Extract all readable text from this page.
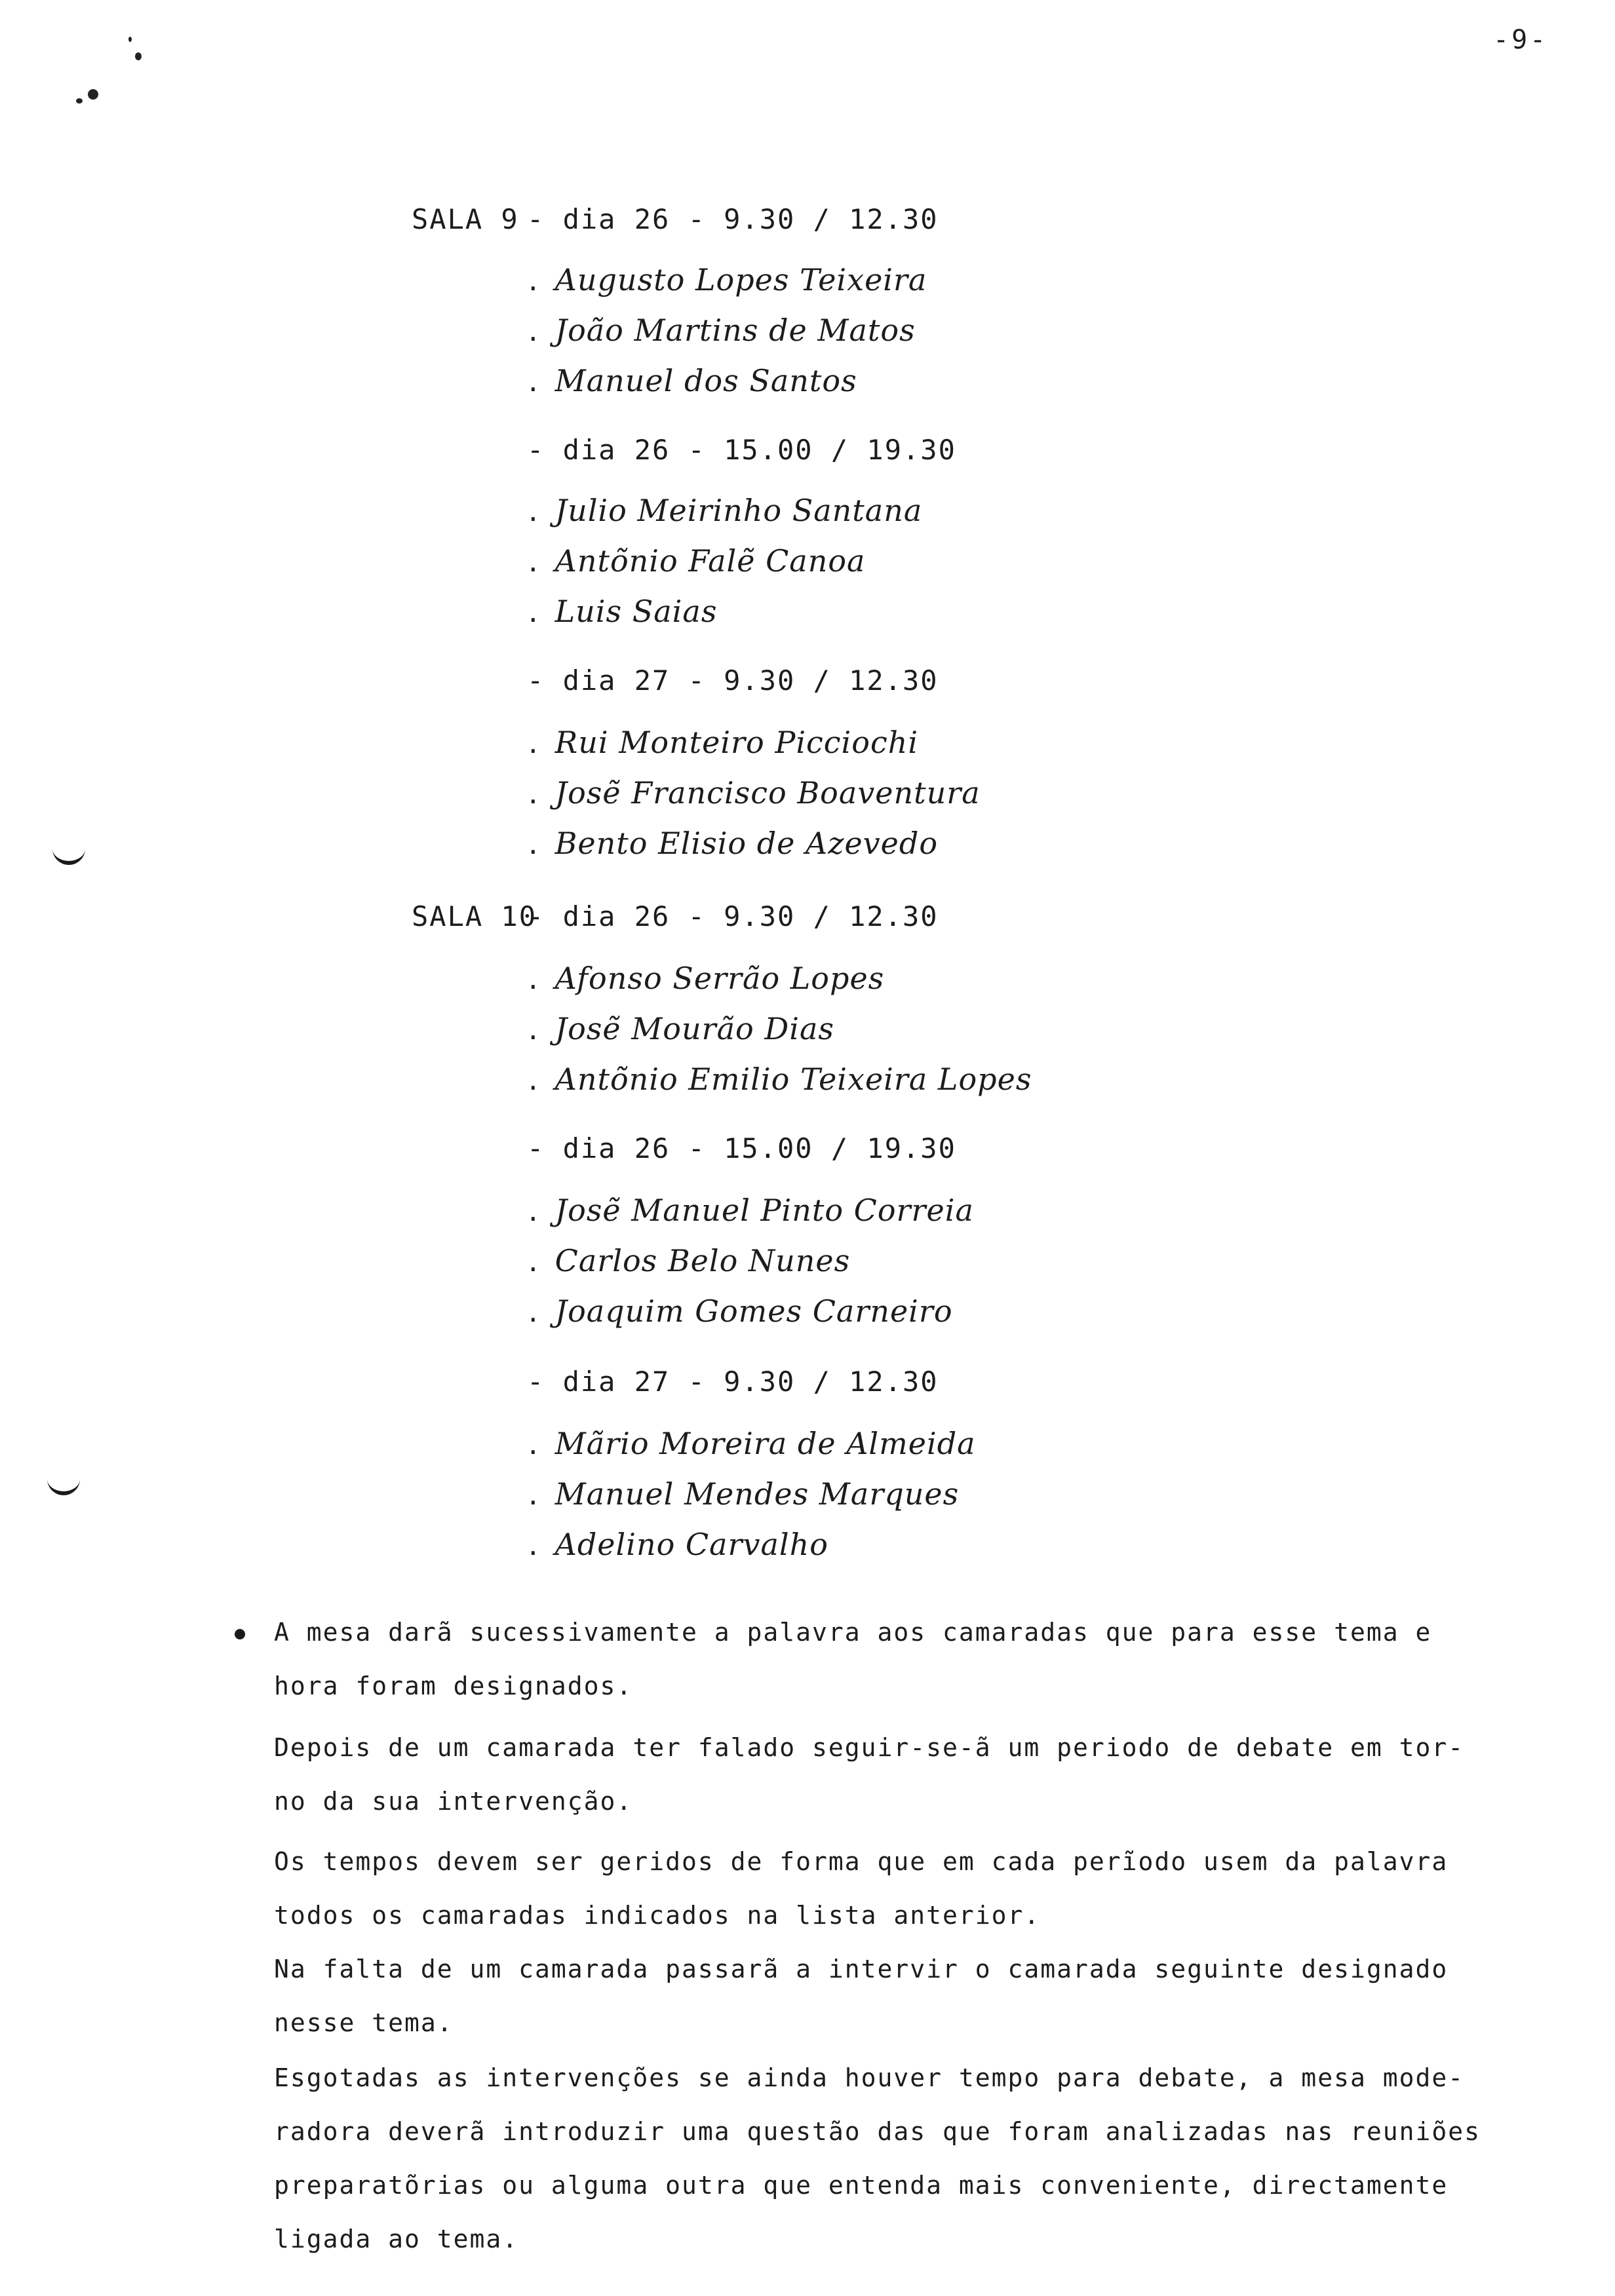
-9-
SALA 9 - dia 26 - 9.30 / 12.30
. Augusto Lopes Teixeira
. João Martins de Matos
. Manuel dos Santos
- dia 26 - 15.00 / 19.30
. Julio Meirinho Santana
. Antõnio Falẽ Canoa
. Luis Saias
- dia 27 - 9.30 / 12.30
. Rui Monteiro Picciochi
. Josẽ Francisco Boaventura
. Bento Elisio de Azevedo
SALA 10
- dia 26 - 9.30 / 12.30
. Afonso Serrão Lopes
. Josẽ Mourão Dias
. Antõnio Emilio Teixeira Lopes
- dia 26 - 15.00 / 19.30
. Josẽ Manuel Pinto Correia
. Carlos Belo Nunes
. Joaquim Gomes Carneiro
- dia 27 - 9.30 / 12.30
. Mãrio Moreira de Almeida
. Manuel Mendes Marques
. Adelino Carvalho
A mesa darã sucessivamente a palavra aos camaradas que para esse tema e
hora foram designados.
Depois de um camarada ter falado seguir-se-ã um periodo de debate em tor-
no da sua intervenção.
Os tempos devem ser geridos de forma que em cada perĩodo usem da palavra
todos os camaradas indicados na lista anterior.
Na falta de um camarada passarã a intervir o camarada seguinte designado
nesse tema.
Esgotadas as intervenções se ainda houver tempo para debate, a mesa mode-
radora deverã introduzir uma questão das que foram analizadas nas reuniões
preparatõrias ou alguma outra que entenda mais conveniente, directamente
ligada ao tema.
